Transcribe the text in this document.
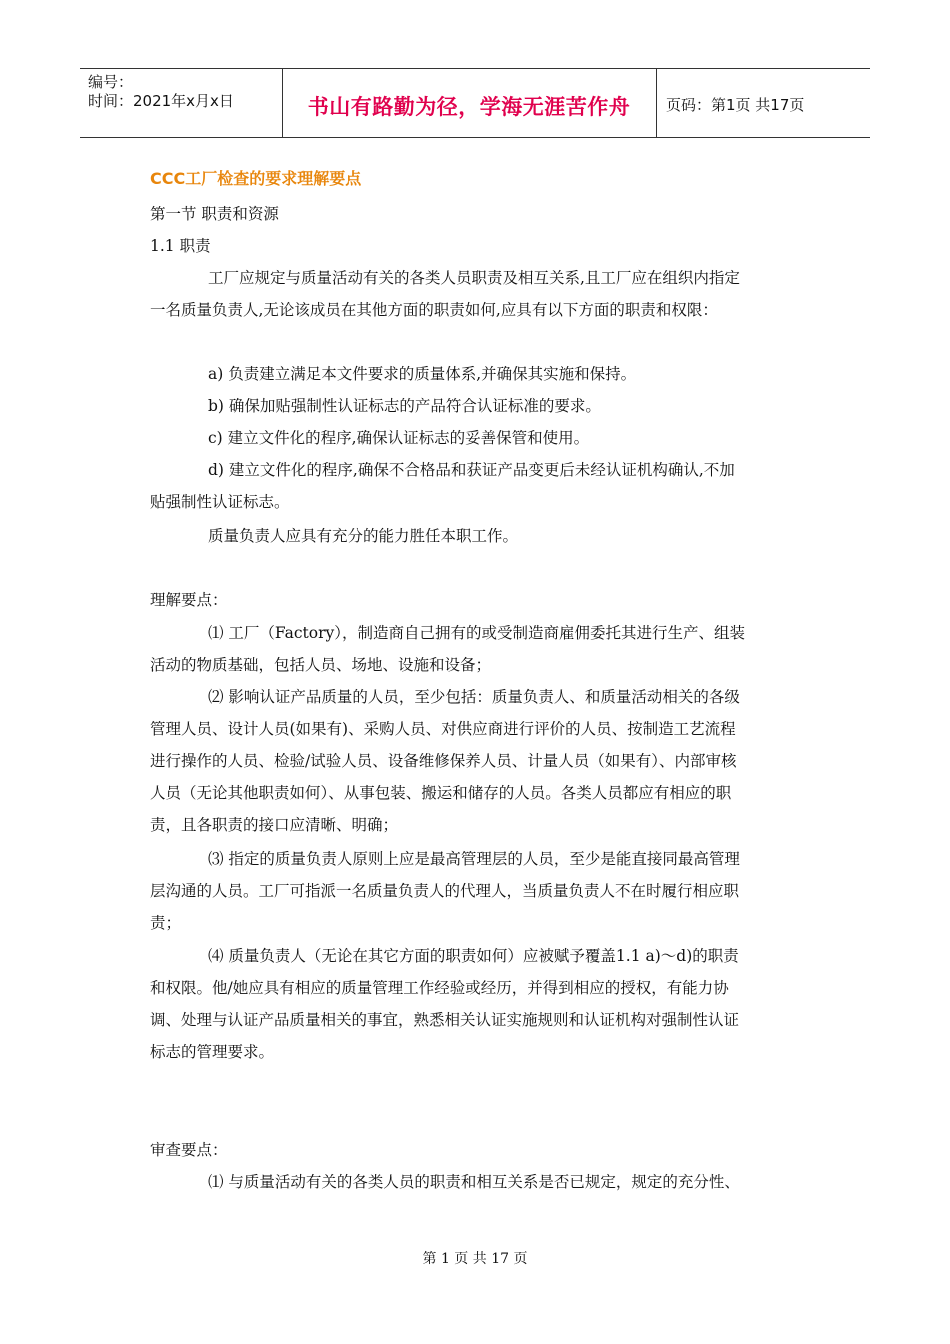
编号：
时间：2021年x月x日	书山有路勤为径，学海无涯苦作舟	页码：第1页 共17页
CCC工厂检查的要求理解要点
第一节 职责和资源
1.1 职责
工厂应规定与质量活动有关的各类人员职责及相互关系,且工厂应在组织内指定
一名质量负责人,无论该成员在其他方面的职责如何,应具有以下方面的职责和权限：
a) 负责建立满足本文件要求的质量体系,并确保其实施和保持。
b) 确保加贴强制性认证标志的产品符合认证标准的要求。
c) 建立文件化的程序,确保认证标志的妥善保管和使用。
d) 建立文件化的程序,确保不合格品和获证产品变更后未经认证机构确认,不加
贴强制性认证标志。
质量负责人应具有充分的能力胜任本职工作。
理解要点：
⑴ 工厂（Factory），制造商自己拥有的或受制造商雇佣委托其进行生产、组装
活动的物质基础，包括人员、场地、设施和设备；
⑵ 影响认证产品质量的人员，至少包括：质量负责人、和质量活动相关的各级
管理人员、设计人员(如果有)、采购人员、对供应商进行评价的人员、按制造工艺流程
进行操作的人员、检验/试验人员、设备维修保养人员、计量人员（如果有）、内部审核
人员（无论其他职责如何）、从事包装、搬运和储存的人员。各类人员都应有相应的职
责，且各职责的接口应清晰、明确；
⑶ 指定的质量负责人原则上应是最高管理层的人员，至少是能直接同最高管理
层沟通的人员。工厂可指派一名质量负责人的代理人，当质量负责人不在时履行相应职
责；
⑷ 质量负责人（无论在其它方面的职责如何）应被赋予覆盖1.1 a)～d)的职责
和权限。他/她应具有相应的质量管理工作经验或经历，并得到相应的授权，有能力协
调、处理与认证产品质量相关的事宜，熟悉相关认证实施规则和认证机构对强制性认证
标志的管理要求。
审查要点：
⑴ 与质量活动有关的各类人员的职责和相互关系是否已规定，规定的充分性、
第 1 页 共 17 页
